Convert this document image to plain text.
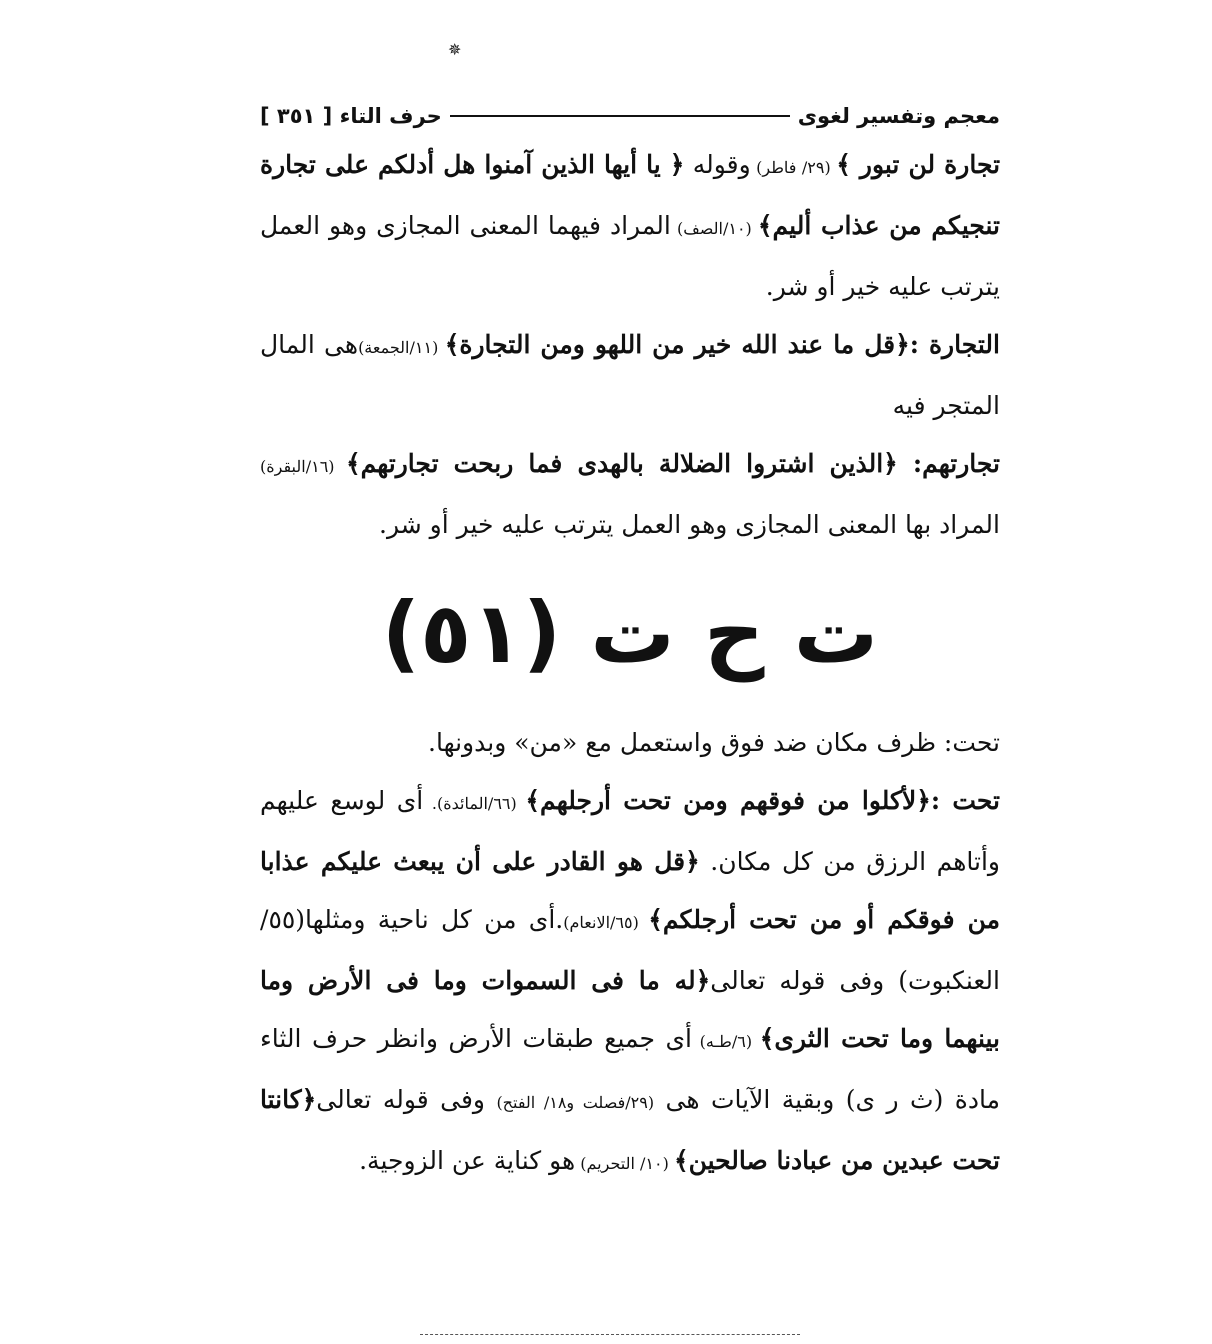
معجم وتفسير لغوى
حرف التاء [ ٣٥١ ]

تجارة لن تبور ﴾ (٢٩/ فاطر) وقوله ﴿ يا أيها الذين آمنوا هل أدلكم على تجارة تنجيكم من عذاب أليم﴾ (١٠/الصف) المراد فيهما المعنى المجازى وهو العمل يترتب عليه خير أو شر.

التجارة :﴿قل ما عند الله خير من اللهو ومن التجارة﴾ (١١/الجمعة)هى المال المتجر فيه

تجارتهم: ﴿الذين اشتروا الضلالة بالهدى فما ربحت تجارتهم﴾ (١٦/البقرة) المراد بها المعنى المجازى وهو العمل يترتب عليه خير أو شر.

ت ح ت (٥١)

تحت: ظرف مكان ضد فوق واستعمل مع «من» وبدونها.

تحت :﴿لأكلوا من فوقهم ومن تحت أرجلهم﴾ (٦٦/المائدة). أى لوسع عليهم وأتاهم الرزق من كل مكان. ﴿قل هو القادر على أن يبعث عليكم عذابا من فوقكم أو من تحت أرجلكم﴾ (٦٥/الانعام).أى من كل ناحية ومثلها(٥٥/ العنكبوت) وفى قوله تعالى﴿له ما فى السموات وما فى الأرض وما بينهما وما تحت الثرى﴾ (٦/طـه) أى جميع طبقات الأرض وانظر حرف الثاء مادة (ث ر ى) وبقية الآيات هى (٢٩/فصلت و١٨/ الفتح) وفى قوله تعالى﴿كانتا تحت عبدين من عبادنا صالحين﴾ (١٠/ التحريم) هو كناية عن الزوجية.

✵
